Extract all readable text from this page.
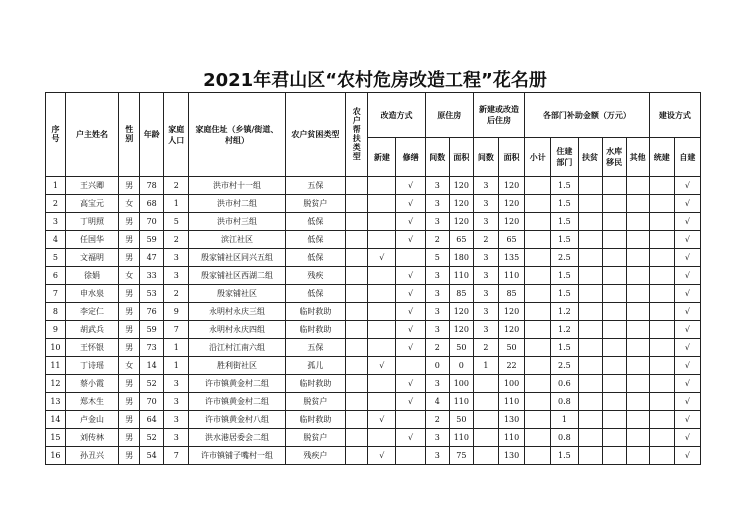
2021年君山区“农村危房改造工程”花名册
序号	户主姓名	性别	年龄	家庭人口	家庭住址（乡镇/街道、村组）	农户贫困类型	农户帮扶类型	改造方式		原住房		新建或改造后住房		各部门补助金额（万元）					建设方式	
								新建	修缮	间数	面积	间数	面积	小计	住建部门	扶贫	水库移民	其他	统建	自建
1	王兴卿	男	78	2	洪市村十一组	五保			√	3	120	3	120		1.5					√
2	高宝元	女	68	1	洪市村二组	脱贫户			√	3	120	3	120		1.5					√
3	丁明照	男	70	5	洪市村三组	低保			√	3	120	3	120		1.5					√
4	任国华	男	59	2	滨江社区	低保			√	2	65	2	65		1.5					√
5	文福明	男	47	3	殷家铺社区同兴五组	低保		√		5	180	3	135		2.5					√
6	徐娟	女	33	3	殷家铺社区西湖二组	残疾			√	3	110	3	110		1.5					√
7	申水泉	男	53	2	殷家铺社区	低保			√	3	85	3	85		1.5					√
8	李定仁	男	76	9	永明村永庆三组	临时救助			√	3	120	3	120		1.2					√
9	胡武兵	男	59	7	永明村永庆四组	临时救助			√	3	120	3	120		1.2					√
10	王怀银	男	73	1	沿江村江南六组	五保			√	2	50	2	50		1.5					√
11	丁诗瑶	女	14	1	胜利街社区	孤儿		√		0	0	1	22		2.5					√
12	蔡小霞	男	52	3	许市镇黄金村二组	临时救助			√	3	100		100		0.6					√
13	郑木生	男	70	3	许市镇黄金村二组	脱贫户			√	4	110		110		0.8					√
14	卢金山	男	64	3	许市镇黄金村八组	临时救助		√		2	50		130		1					√
15	刘传林	男	52	3	洪水港居委会二组	脱贫户			√	3	110		110		0.8					√
16	孙丑兴	男	54	7	许市镇铺子嘴村一组	残疾户		√		3	75		130		1.5					√
